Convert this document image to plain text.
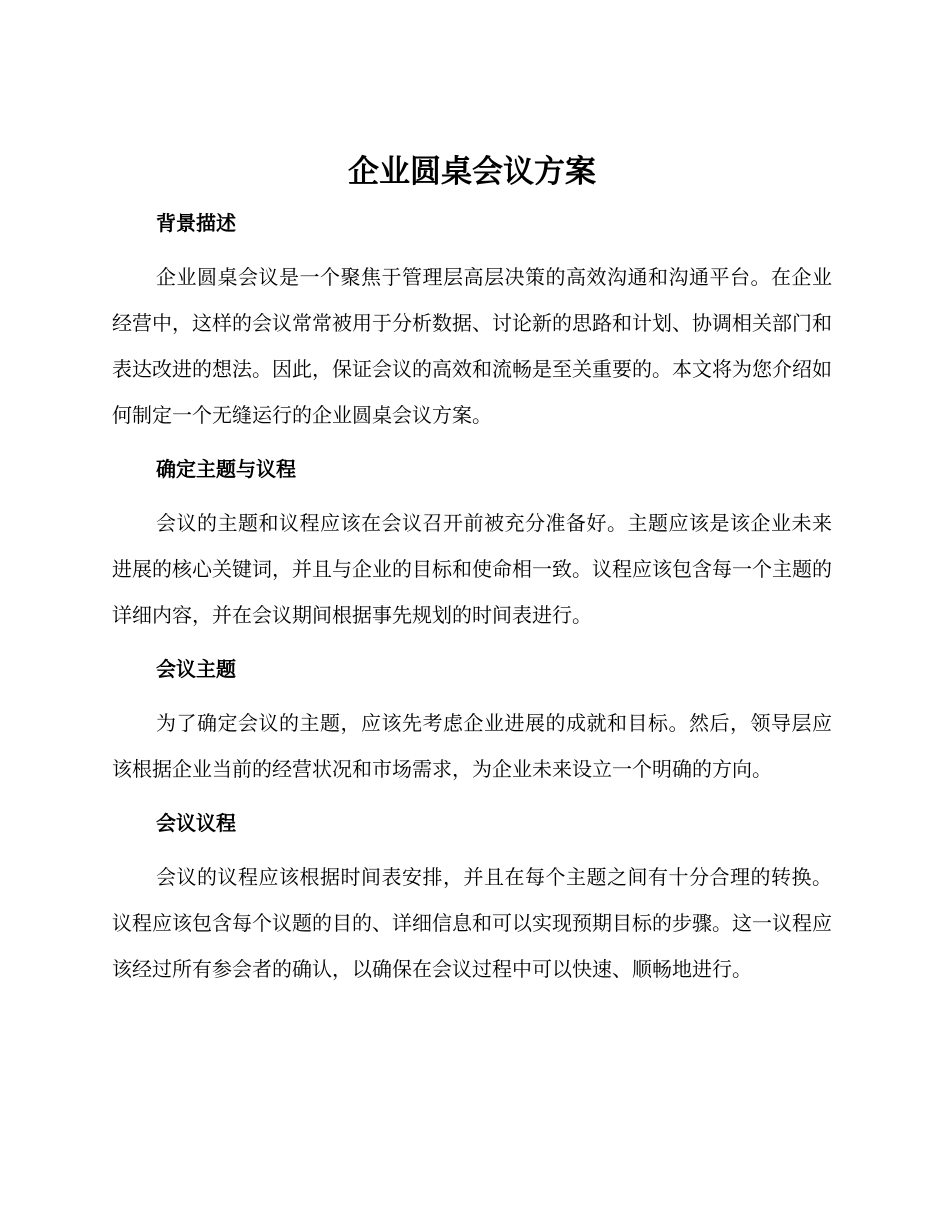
企业圆桌会议方案
背景描述

企业圆桌会议是一个聚焦于管理层高层决策的高效沟通和沟通平台。在企业经营中，这样的会议常常被用于分析数据、讨论新的思路和计划、协调相关部门和表达改进的想法。因此，保证会议的高效和流畅是至关重要的。本文将为您介绍如何制定一个无缝运行的企业圆桌会议方案。

确定主题与议程

会议的主题和议程应该在会议召开前被充分准备好。主题应该是该企业未来进展的核心关键词，并且与企业的目标和使命相一致。议程应该包含每一个主题的详细内容，并在会议期间根据事先规划的时间表进行。

会议主题

为了确定会议的主题，应该先考虑企业进展的成就和目标。然后，领导层应该根据企业当前的经营状况和市场需求，为企业未来设立一个明确的方向。

会议议程

会议的议程应该根据时间表安排，并且在每个主题之间有十分合理的转换。议程应该包含每个议题的目的、详细信息和可以实现预期目标的步骤。这一议程应该经过所有参会者的确认，以确保在会议过程中可以快速、顺畅地进行。
